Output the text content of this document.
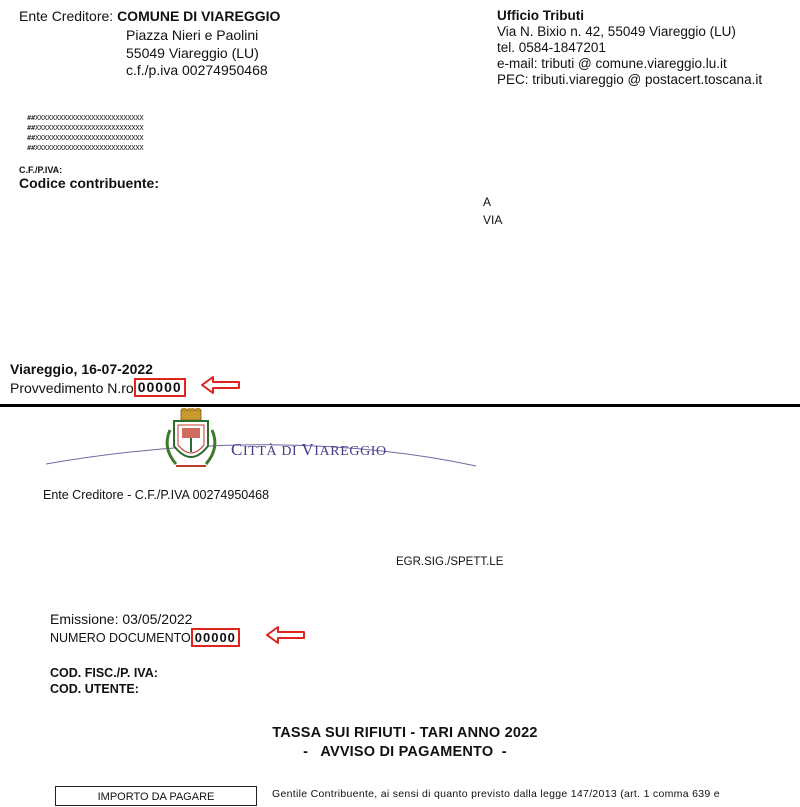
Ente Creditore: COMUNE DI VIAREGGIO
Piazza Nieri e Paolini
55049 Viareggio (LU)
c.f./p.iva 00274950468
Ufficio Tributi
Via N. Bixio n. 42, 55049 Viareggio (LU)
tel. 0584-1847201
e-mail: tributi @ comune.viareggio.lu.it
PEC: tributi.viareggio @ postacert.toscana.it
##XXXXXXXXXXXXXXXXXXXXXXXXXXX
##XXXXXXXXXXXXXXXXXXXXXXXXXXX
##XXXXXXXXXXXXXXXXXXXXXXXXXXX
##XXXXXXXXXXXXXXXXXXXXXXXXXXX
C.F./P.IVA:
Codice contribuente:
A
VIA
Viareggio, 16-07-2022
Provvedimento N.ro 00000
CITTÀ DI VIAREGGIO
Ente Creditore - C.F./P.IVA 00274950468
EGR.SIG./SPETT.LE
Emissione: 03/05/2022
NUMERO DOCUMENTO 00000
COD. FISC./P. IVA:
COD. UTENTE:
TASSA SUI RIFIUTI - TARI ANNO 2022
-   AVVISO DI PAGAMENTO  -
IMPORTO DA PAGARE	Gentile Contribuente, ai sensi di quanto previsto dalla legge 147/2013 (art. 1 comma 639 e
